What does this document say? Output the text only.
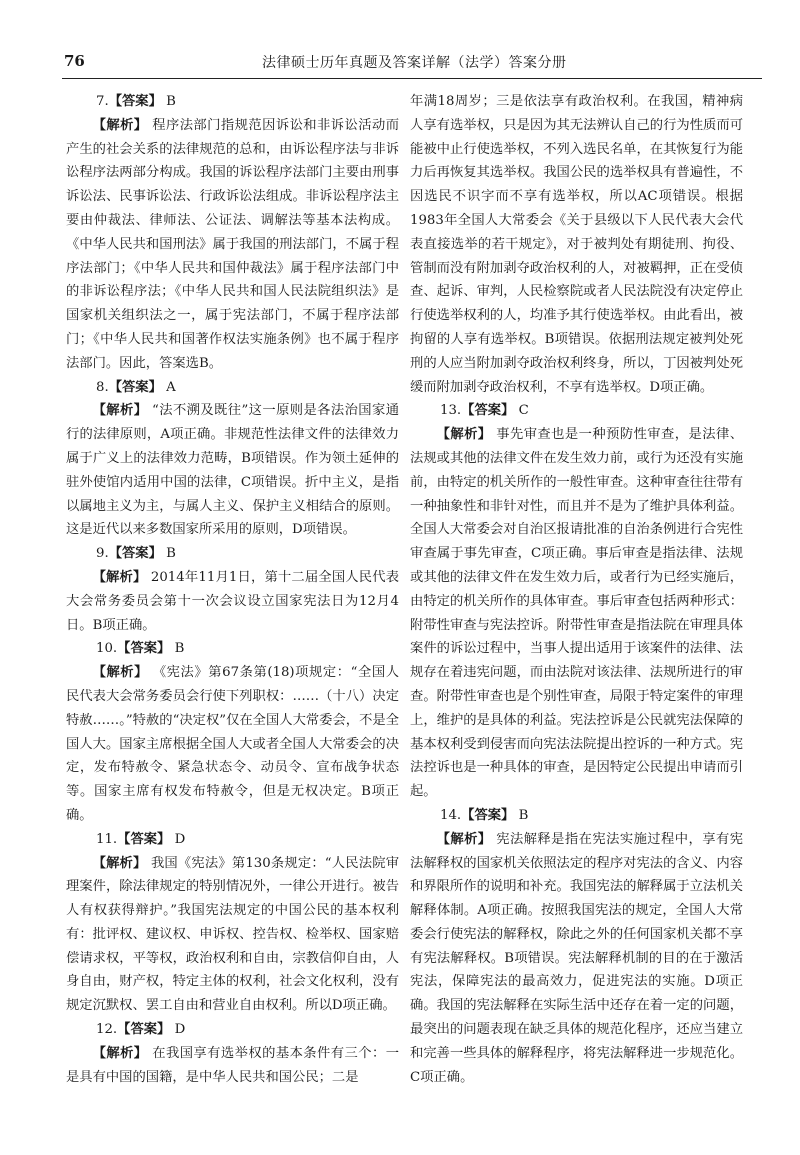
76	法律硕士历年真题及答案详解（法学）答案分册

7.【答案】 B

【解析】 程序法部门指规范因诉讼和非诉讼活动而产生的社会关系的法律规范的总和，由诉讼程序法与非诉讼程序法两部分构成。我国的诉讼程序法部门主要由刑事诉讼法、民事诉讼法、行政诉讼法组成。非诉讼程序法主要由仲裁法、律师法、公证法、调解法等基本法构成。《中华人民共和国刑法》属于我国的刑法部门，不属于程序法部门；《中华人民共和国仲裁法》属于程序法部门中的非诉讼程序法；《中华人民共和国人民法院组织法》是国家机关组织法之一，属于宪法部门，不属于程序法部门；《中华人民共和国著作权法实施条例》也不属于程序法部门。因此，答案选B。

8.【答案】 A

【解析】 “法不溯及既往”这一原则是各法治国家通行的法律原则，A项正确。非规范性法律文件的法律效力属于广义上的法律效力范畴，B项错误。作为领土延伸的驻外使馆内适用中国的法律，C项错误。折中主义，是指以属地主义为主，与属人主义、保护主义相结合的原则。这是近代以来多数国家所采用的原则，D项错误。

9.【答案】 B

【解析】 2014年11月1日，第十二届全国人民代表大会常务委员会第十一次会议设立国家宪法日为12月4日。B项正确。

10.【答案】 B

【解析】 《宪法》第67条第(18)项规定：“全国人民代表大会常务委员会行使下列职权：……（十八）决定特赦……。”特赦的“决定权”仅在全国人大常委会，不是全国人大。国家主席根据全国人大或者全国人大常委会的决定，发布特赦令、紧急状态令、动员令、宣布战争状态等。国家主席有权发布特赦令，但是无权决定。B项正确。

11.【答案】 D

【解析】 我国《宪法》第130条规定：“人民法院审理案件，除法律规定的特别情况外，一律公开进行。被告人有权获得辩护。”我国宪法规定的中国公民的基本权利有：批评权、建议权、申诉权、控告权、检举权、国家赔偿请求权，平等权，政治权利和自由，宗教信仰自由，人身自由，财产权，特定主体的权利，社会文化权利，没有规定沉默权、罢工自由和营业自由权利。所以D项正确。

12.【答案】 D

【解析】 在我国享有选举权的基本条件有三个：一是具有中国的国籍，是中华人民共和国公民；二是

年满18周岁；三是依法享有政治权利。在我国，精神病人享有选举权，只是因为其无法辨认自己的行为性质而可能被中止行使选举权，不列入选民名单，在其恢复行为能力后再恢复其选举权。我国公民的选举权具有普遍性，不因选民不识字而不享有选举权，所以AC项错误。根据1983年全国人大常委会《关于县级以下人民代表大会代表直接选举的若干规定》，对于被判处有期徒刑、拘役、管制而没有附加剥夺政治权利的人，对被羁押，正在受侦查、起诉、审判，人民检察院或者人民法院没有决定停止行使选举权利的人，均准予其行使选举权。由此看出，被拘留的人享有选举权。B项错误。依据刑法规定被判处死刑的人应当附加剥夺政治权利终身，所以，丁因被判处死缓而附加剥夺政治权利，不享有选举权。D项正确。

13.【答案】 C

【解析】 事先审查也是一种预防性审查，是法律、法规或其他的法律文件在发生效力前，或行为还没有实施前，由特定的机关所作的一般性审查。这种审查往往带有一种抽象性和非针对性，而且并不是为了维护具体利益。全国人大常委会对自治区报请批准的自治条例进行合宪性审查属于事先审查，C项正确。事后审查是指法律、法规或其他的法律文件在发生效力后，或者行为已经实施后，由特定的机关所作的具体审查。事后审查包括两种形式：附带性审查与宪法控诉。附带性审查是指法院在审理具体案件的诉讼过程中，当事人提出适用于该案件的法律、法规存在着违宪问题，而由法院对该法律、法规所进行的审查。附带性审查也是个别性审查，局限于特定案件的审理上，维护的是具体的利益。宪法控诉是公民就宪法保障的基本权利受到侵害而向宪法法院提出控诉的一种方式。宪法控诉也是一种具体的审查，是因特定公民提出申请而引起。

14.【答案】 B

【解析】 宪法解释是指在宪法实施过程中，享有宪法解释权的国家机关依照法定的程序对宪法的含义、内容和界限所作的说明和补充。我国宪法的解释属于立法机关解释体制。A项正确。按照我国宪法的规定，全国人大常委会行使宪法的解释权，除此之外的任何国家机关都不享有宪法解释权。B项错误。宪法解释机制的目的在于激活宪法，保障宪法的最高效力，促进宪法的实施。D项正确。我国的宪法解释在实际生活中还存在着一定的问题，最突出的问题表现在缺乏具体的规范化程序，还应当建立和完善一些具体的解释程序，将宪法解释进一步规范化。C项正确。
